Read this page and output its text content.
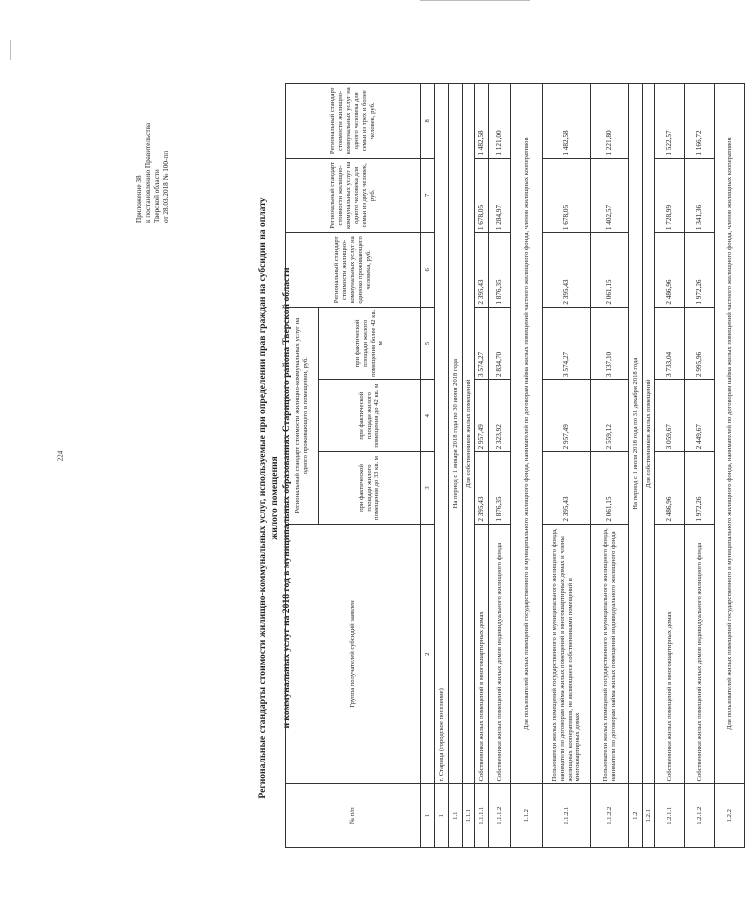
224
Приложение 38 к постановлению Правительства Тверской области от 28.03.2018 № 100-пп
Региональные стандарты стоимости жилищно-коммунальных услуг, используемые при определении прав граждан на субсидии на оплату жилого помещения и коммунальных услуг на 2018 год в муниципальных образованиях Старицкого района Тверской области
№ п/п	Группа получателей субсидий заявлен	Региональный стандарт стоимости жилищно-коммунальных услуг на одного проживающего в помещении, руб.			Региональный стандарт стоимости жилищно-коммунальных услуг на одиноко проживающего человека, руб.	Региональный стандарт стоимости жилищно-коммунальных услуг на одного человека для семьи из двух человек, руб.	Региональный стандарт стоимости жилищно-коммунальных услуг на одного человека для семьи из трех и более человек, руб.
		при фактической площади жилого помещения до 33 кв. м	при фактической площади жилого помещения до 42 кв. м	при фактической площади жилого помещения более 42 кв. м			
1	2	3	4	5	6	7	8
1	г. Старица (городское поселение)						
1.1	На период с 1 января 2018 года по 30 июня 2018 года						
1.1.1	Для собственников жилых помещений						
1.1.1.1	Собственники жилых помещений в многоквартирных домах	2 395,43	2 957,49	3 574,27	2 395,43	1 678,05	1 482,58
1.1.1.2	Собственники жилых помещений жилых домов индивидуального жилищного фонда	1 876,35	2 323,92	2 834,70	1 876,35	1 284,97	1 121,00
1.1.2	Для пользователей жилых помещений государственного и муниципального жилищного фонда, нанимателей по договорам найма жилых помещений частного жилищного фонда, членов жилищных кооперативов						
1.1.2.1	Пользователи жилых помещений государственного и муниципального жилищного фонда, наниматели по договорам найма жилых помещений в многоквартирных домах и члены жилищных кооперативов, не являющиеся собственниками помещений в многоквартирных домах	2 395,43	2 957,49	3 574,27	2 395,43	1 678,05	1 482,58
1.1.2.2	Пользователи жилых помещений государственного и муниципального жилищного фонда, наниматели по договорам найма жилых помещений индивидуального жилищного фонда	2 061,15	2 559,12	3 137,10	2 061,15	1 402,57	1 221,80
1.2	На период с 1 июля 2018 года по 31 декабря 2018 года						
1.2.1	Для собственников жилых помещений						
1.2.1.1	Собственники жилых помещений в многоквартирных домах	2 486,96	3 059,67	3 733,04	2 486,96	1 728,99	1 522,57
1.2.1.2	Собственники жилых помещений жилых домов индивидуального жилищного фонда	1 972,26	2 449,67	2 995,96	1 972,26	1 341,36	1 166,72
1.2.2	Для пользователей жилых помещений государственного и муниципального жилищного фонда, нанимателей по договорам найма жилых помещений частного жилищного фонда, членов жилищных кооперативов						
